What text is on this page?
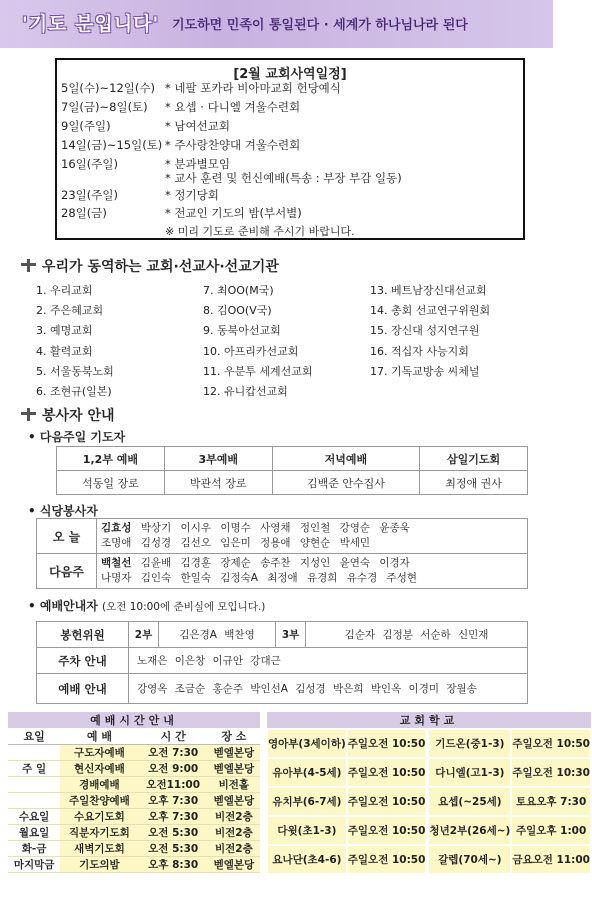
'기도 분입니다' 기도하면 민족이 통일된다 · 세계가 하나님나라 된다
[2월 교회사역일정]
5일(수)~12일(수) * 네팔 포카라 비아마교회 헌당예식
7일(금)~8일(토)	* 요셉 · 다니엘 겨울수련회
9일(주일)	* 남여선교회
14일(금)~15일(토) * 주사랑찬양대 겨울수련회
16일(주일)	* 분과별모임
* 교사 훈련 및 헌신예배(특송 : 부장 부감 일동)
23일(주일)	* 정기당회
28일(금)	* 전교인 기도의 밤(부서별)
※ 미리 기도로 준비해 주시기 바랍니다.
우리가 동역하는 교회·선교사·선교기관
1. 우리교회
2. 주은혜교회
3. 예명교회
4. 활력교회
5. 서울동북노회
6. 조현규(일본)
7. 최OO(M국)
8. 김OO(V국)
9. 동북아선교회
10. 아프리카선교회
11. 우분투 세계선교회
12. 유니캅선교회
13. 베트남장신대선교회
14. 총회 선교연구위원회
15. 장신대 성지연구원
16. 적십자 사능지회
17. 기독교방송 씨체널
봉사자 안내
• 다음주일 기도자
1,2부 예배	3부예배	저녁예배	삼일기도회
석동일 장로	박관석 장로	김백준 안수집사	최정애 권사
• 식당봉사자
오 늘	김효성 박상기 이시우 이명수 사영채 정인철 강영순 윤종욱
조명애 김성경 김선오 임은미 정용애 양현순 박세민

다음주	백철선 김윤배 김경훈 장제순 송주찬 지성인 윤연숙 이경자
나명자 김인숙 한일숙 김정숙A 최정애 유경희 유수경 주성현
• 예배안내자 (오전 10:00에 준비실에 모입니다.)
봉헌위원	2부	김은경A 백찬영	3부	김순자 김정분 서순하 신민재
주차 안내	노재은 이은창 이규안 강대근			
예배 안내	강영옥 조금순 홍순주 박인선A 김성경 박은희 박인옥 이경미 장월송			
예배시간안내			
요일	예 배	시 간	장 소
	구도자예배	오전 7:30	벧엘본당
주 일	현신자예배	오전 9:00	벧엘본당
	경배예배	오전11:00	비전홀
	주일찬양예배	오후 7:30	벧엘본당
수요일	수요기도회	오후 7:30	비전2층
월요일	직분자기도회	오전 5:30	비전2층
화-금	새벽기도회	오전 5:30	비전2층
마지막금	기도의밤	오후 8:30	벧엘본당
교회학교				
영아부(3세이하)	주일오전 10:50		기드온(중1-3)	주일오전 10:50
유아부(4-5세)	주일오전 10:50		다니엘(고1-3)	주일오전 10:30
유치부(6-7세)	주일오전 10:50		요셉(~25세)	토요오후 7:30
다윗(초1-3)	주일오전 10:50		청년2부(26세~)	주일오후 1:00
요나단(초4-6)	주일오전 10:50		갈렙(70세~)	금요오전 11:00
